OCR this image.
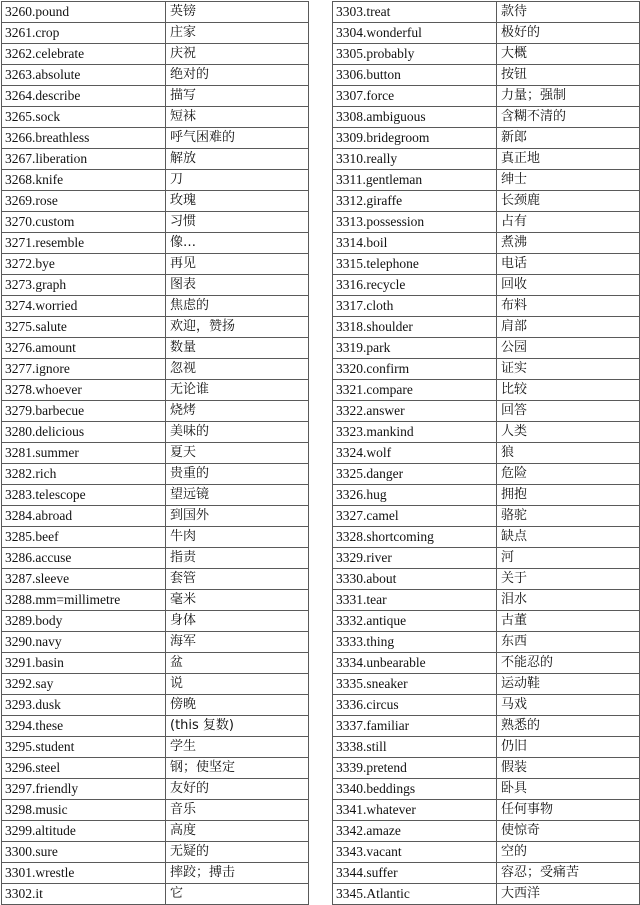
3260.pound	英镑
3261.crop	庄家
3262.celebrate	庆祝
3263.absolute	绝对的
3264.describe	描写
3265.sock	短袜
3266.breathless	呼气困难的
3267.liberation	解放
3268.knife	刀
3269.rose	玫瑰
3270.custom	习惯
3271.resemble	像…
3272.bye	再见
3273.graph	图表
3274.worried	焦虑的
3275.salute	欢迎，赞扬
3276.amount	数量
3277.ignore	忽视
3278.whoever	无论谁
3279.barbecue	烧烤
3280.delicious	美味的
3281.summer	夏天
3282.rich	贵重的
3283.telescope	望远镜
3284.abroad	到国外
3285.beef	牛肉
3286.accuse	指责
3287.sleeve	套管
3288.mm=millimetre	毫米
3289.body	身体
3290.navy	海军
3291.basin	盆
3292.say	说
3293.dusk	傍晚
3294.these	(this 复数)
3295.student	学生
3296.steel	钢；使坚定
3297.friendly	友好的
3298.music	音乐
3299.altitude	高度
3300.sure	无疑的
3301.wrestle	摔跤；搏击
3302.it	它
3303.treat	款待
3304.wonderful	极好的
3305.probably	大概
3306.button	按钮
3307.force	力量；强制
3308.ambiguous	含糊不清的
3309.bridegroom	新郎
3310.really	真正地
3311.gentleman	绅士
3312.giraffe	长颈鹿
3313.possession	占有
3314.boil	煮沸
3315.telephone	电话
3316.recycle	回收
3317.cloth	布料
3318.shoulder	肩部
3319.park	公园
3320.confirm	证实
3321.compare	比较
3322.answer	回答
3323.mankind	人类
3324.wolf	狼
3325.danger	危险
3326.hug	拥抱
3327.camel	骆驼
3328.shortcoming	缺点
3329.river	河
3330.about	关于
3331.tear	泪水
3332.antique	古董
3333.thing	东西
3334.unbearable	不能忍的
3335.sneaker	运动鞋
3336.circus	马戏
3337.familiar	熟悉的
3338.still	仍旧
3339.pretend	假装
3340.beddings	卧具
3341.whatever	任何事物
3342.amaze	使惊奇
3343.vacant	空的
3344.suffer	容忍；受痛苦
3345.Atlantic	大西洋
